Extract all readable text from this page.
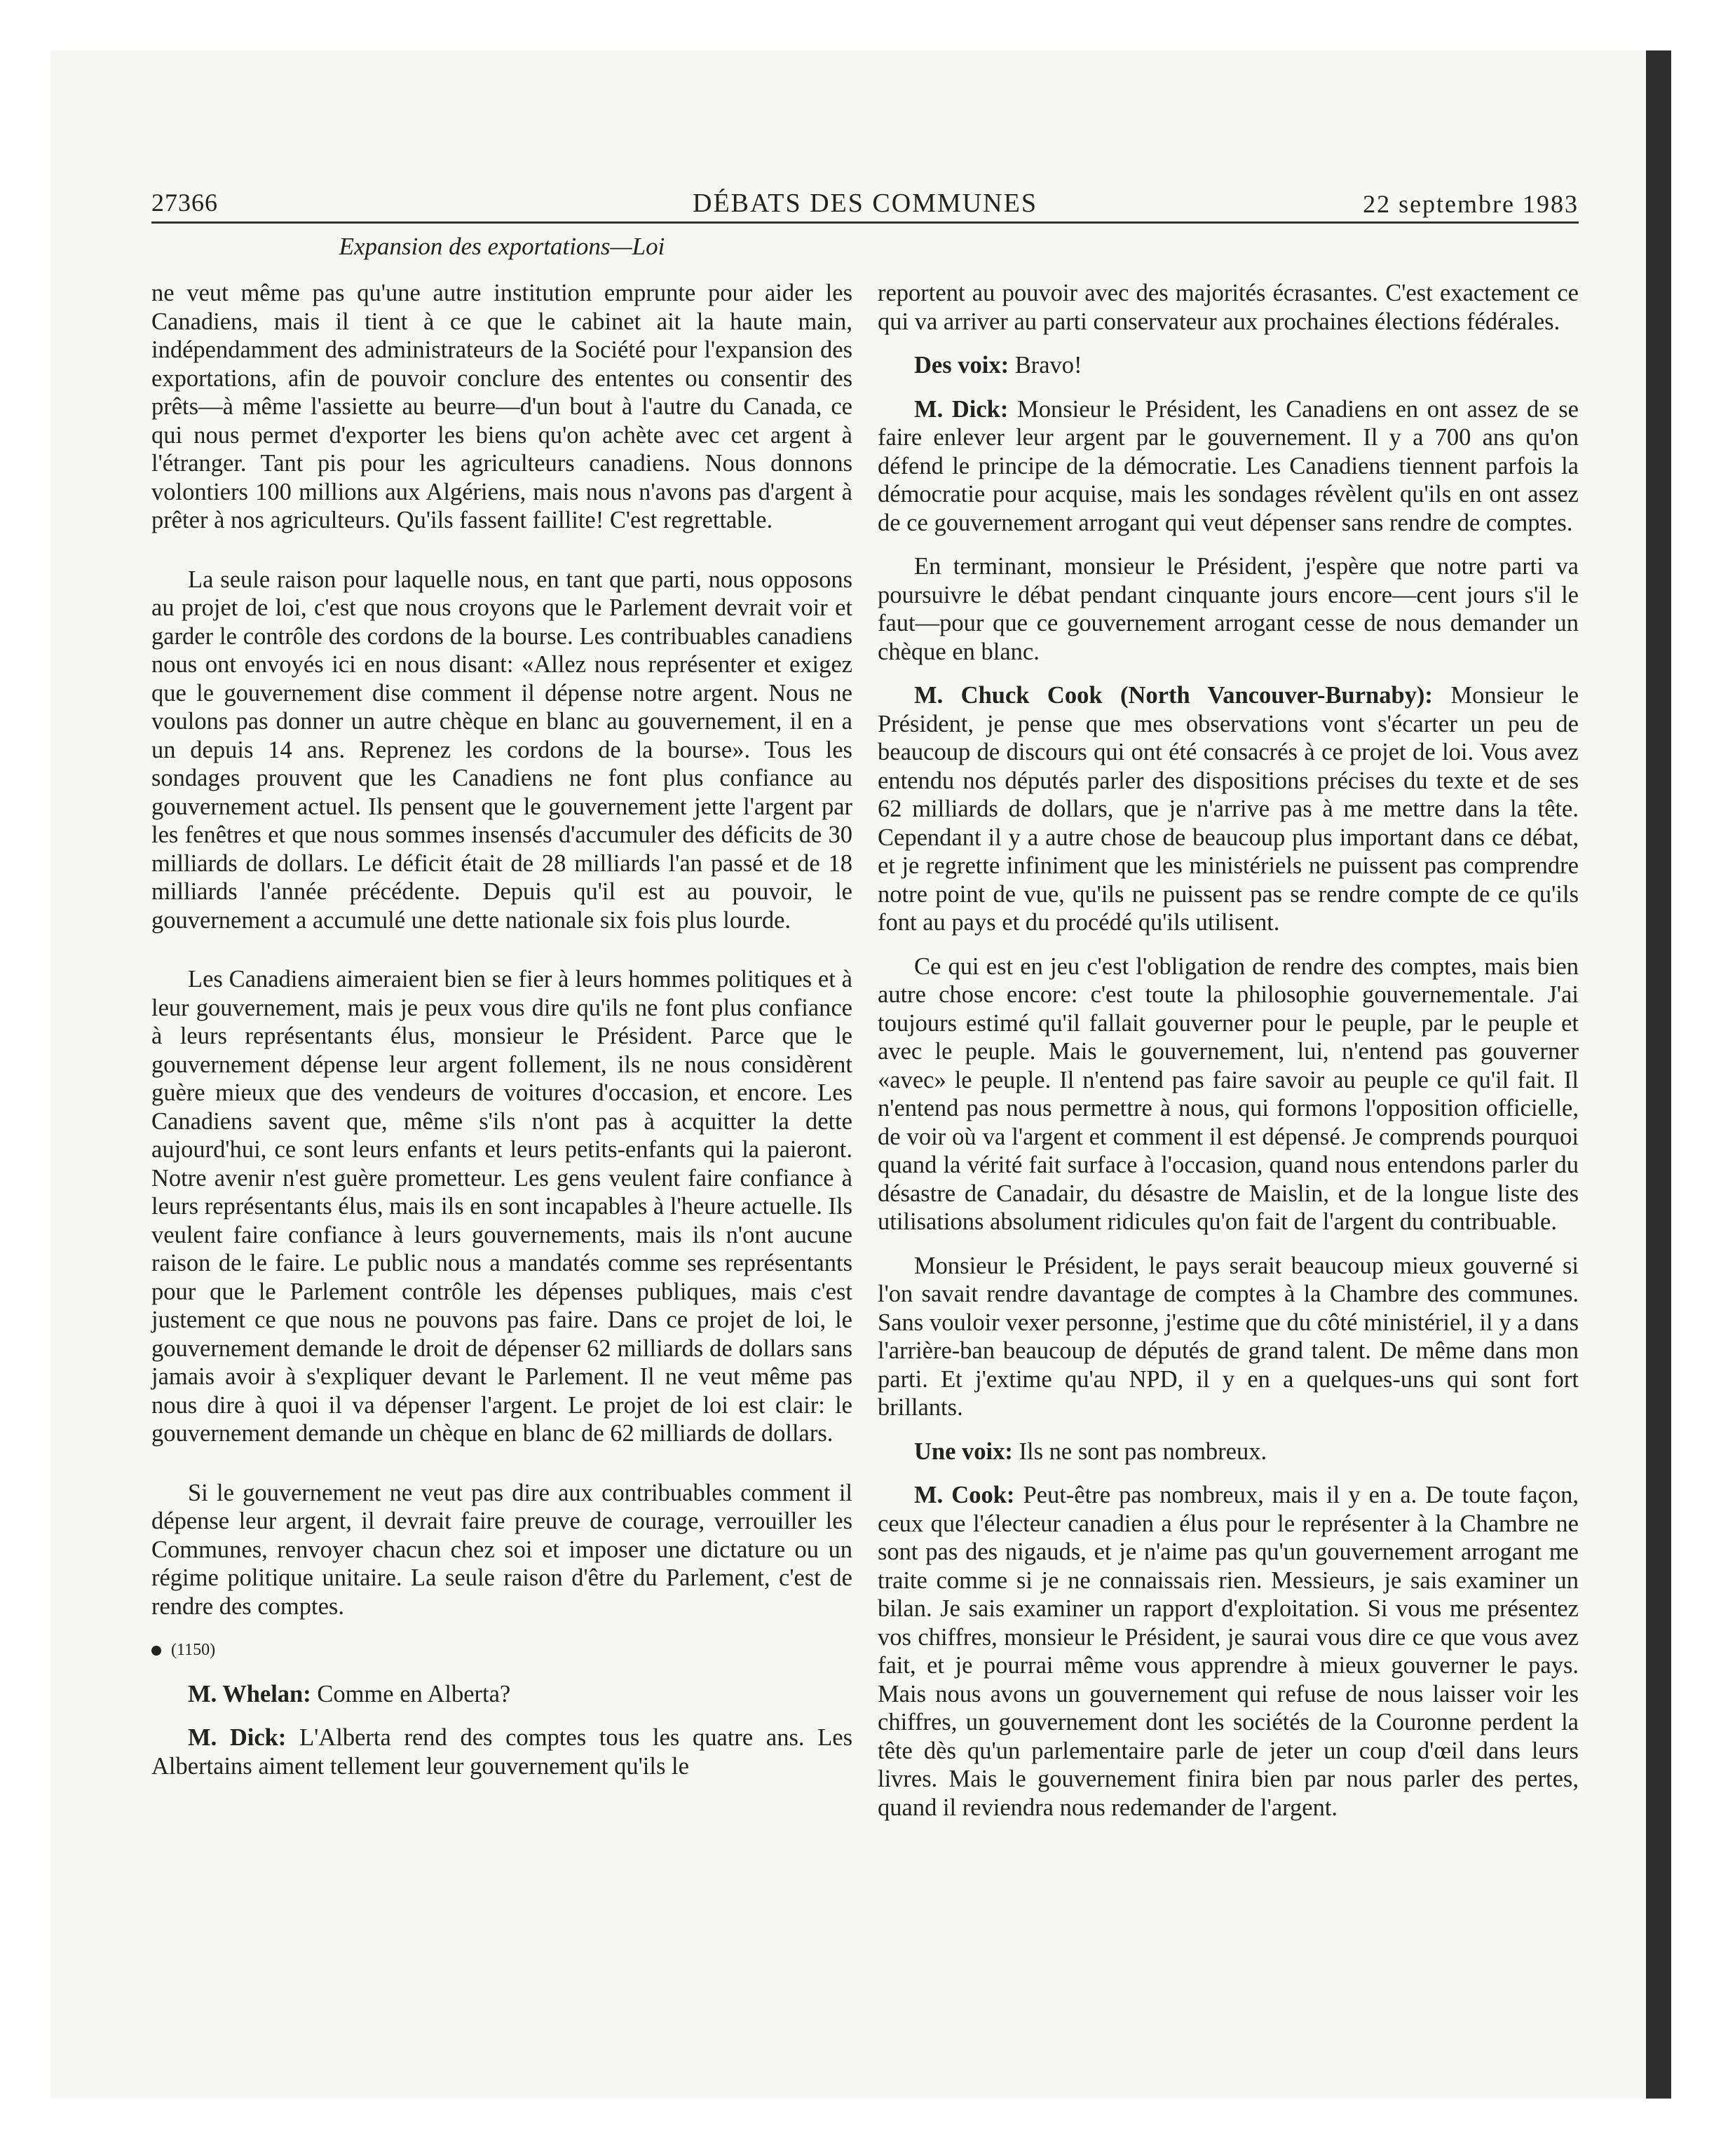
27366	DÉBATS DES COMMUNES	22 septembre 1983
Expansion des exportations—Loi

ne veut même pas qu'une autre institution emprunte pour aider les Canadiens, mais il tient à ce que le cabinet ait la haute main, indépendamment des administrateurs de la Société pour l'expansion des exportations, afin de pouvoir conclure des ententes ou consentir des prêts—à même l'assiette au beurre—d'un bout à l'autre du Canada, ce qui nous permet d'exporter les biens qu'on achète avec cet argent à l'étranger. Tant pis pour les agriculteurs canadiens. Nous donnons volontiers 100 millions aux Algériens, mais nous n'avons pas d'argent à prêter à nos agriculteurs. Qu'ils fassent faillite! C'est regrettable.

La seule raison pour laquelle nous, en tant que parti, nous opposons au projet de loi, c'est que nous croyons que le Parlement devrait voir et garder le contrôle des cordons de la bourse. Les contribuables canadiens nous ont envoyés ici en nous disant: «Allez nous représenter et exigez que le gouvernement dise comment il dépense notre argent. Nous ne voulons pas donner un autre chèque en blanc au gouvernement, il en a un depuis 14 ans. Reprenez les cordons de la bourse». Tous les sondages prouvent que les Canadiens ne font plus confiance au gouvernement actuel. Ils pensent que le gouvernement jette l'argent par les fenêtres et que nous sommes insensés d'accumuler des déficits de 30 milliards de dollars. Le déficit était de 28 milliards l'an passé et de 18 milliards l'année précédente. Depuis qu'il est au pouvoir, le gouvernement a accumulé une dette nationale six fois plus lourde.

Les Canadiens aimeraient bien se fier à leurs hommes politiques et à leur gouvernement, mais je peux vous dire qu'ils ne font plus confiance à leurs représentants élus, monsieur le Président. Parce que le gouvernement dépense leur argent follement, ils ne nous considèrent guère mieux que des vendeurs de voitures d'occasion, et encore. Les Canadiens savent que, même s'ils n'ont pas à acquitter la dette aujourd'hui, ce sont leurs enfants et leurs petits-enfants qui la paieront. Notre avenir n'est guère prometteur. Les gens veulent faire confiance à leurs représentants élus, mais ils en sont incapables à l'heure actuelle. Ils veulent faire confiance à leurs gouvernements, mais ils n'ont aucune raison de le faire. Le public nous a mandatés comme ses représentants pour que le Parlement contrôle les dépenses publiques, mais c'est justement ce que nous ne pouvons pas faire. Dans ce projet de loi, le gouvernement demande le droit de dépenser 62 milliards de dollars sans jamais avoir à s'expliquer devant le Parlement. Il ne veut même pas nous dire à quoi il va dépenser l'argent. Le projet de loi est clair: le gouvernement demande un chèque en blanc de 62 milliards de dollars.

Si le gouvernement ne veut pas dire aux contribuables comment il dépense leur argent, il devrait faire preuve de courage, verrouiller les Communes, renvoyer chacun chez soi et imposer une dictature ou un régime politique unitaire. La seule raison d'être du Parlement, c'est de rendre des comptes.

(1150)

M. Whelan: Comme en Alberta?

M. Dick: L'Alberta rend des comptes tous les quatre ans. Les Albertains aiment tellement leur gouvernement qu'ils le

reportent au pouvoir avec des majorités écrasantes. C'est exactement ce qui va arriver au parti conservateur aux prochaines élections fédérales.

Des voix: Bravo!

M. Dick: Monsieur le Président, les Canadiens en ont assez de se faire enlever leur argent par le gouvernement. Il y a 700 ans qu'on défend le principe de la démocratie. Les Canadiens tiennent parfois la démocratie pour acquise, mais les sondages révèlent qu'ils en ont assez de ce gouvernement arrogant qui veut dépenser sans rendre de comptes.

En terminant, monsieur le Président, j'espère que notre parti va poursuivre le débat pendant cinquante jours encore—cent jours s'il le faut—pour que ce gouvernement arrogant cesse de nous demander un chèque en blanc.

M. Chuck Cook (North Vancouver-Burnaby): Monsieur le Président, je pense que mes observations vont s'écarter un peu de beaucoup de discours qui ont été consacrés à ce projet de loi. Vous avez entendu nos députés parler des dispositions précises du texte et de ses 62 milliards de dollars, que je n'arrive pas à me mettre dans la tête. Cependant il y a autre chose de beaucoup plus important dans ce débat, et je regrette infiniment que les ministériels ne puissent pas comprendre notre point de vue, qu'ils ne puissent pas se rendre compte de ce qu'ils font au pays et du procédé qu'ils utilisent.

Ce qui est en jeu c'est l'obligation de rendre des comptes, mais bien autre chose encore: c'est toute la philosophie gouvernementale. J'ai toujours estimé qu'il fallait gouverner pour le peuple, par le peuple et avec le peuple. Mais le gouvernement, lui, n'entend pas gouverner «avec» le peuple. Il n'entend pas faire savoir au peuple ce qu'il fait. Il n'entend pas nous permettre à nous, qui formons l'opposition officielle, de voir où va l'argent et comment il est dépensé. Je comprends pourquoi quand la vérité fait surface à l'occasion, quand nous entendons parler du désastre de Canadair, du désastre de Maislin, et de la longue liste des utilisations absolument ridicules qu'on fait de l'argent du contribuable.

Monsieur le Président, le pays serait beaucoup mieux gouverné si l'on savait rendre davantage de comptes à la Chambre des communes. Sans vouloir vexer personne, j'estime que du côté ministériel, il y a dans l'arrière-ban beaucoup de députés de grand talent. De même dans mon parti. Et j'extime qu'au NPD, il y en a quelques-uns qui sont fort brillants.

Une voix: Ils ne sont pas nombreux.

M. Cook: Peut-être pas nombreux, mais il y en a. De toute façon, ceux que l'électeur canadien a élus pour le représenter à la Chambre ne sont pas des nigauds, et je n'aime pas qu'un gouvernement arrogant me traite comme si je ne connaissais rien. Messieurs, je sais examiner un bilan. Je sais examiner un rapport d'exploitation. Si vous me présentez vos chiffres, monsieur le Président, je saurai vous dire ce que vous avez fait, et je pourrai même vous apprendre à mieux gouverner le pays. Mais nous avons un gouvernement qui refuse de nous laisser voir les chiffres, un gouvernement dont les sociétés de la Couronne perdent la tête dès qu'un parlementaire parle de jeter un coup d'œil dans leurs livres. Mais le gouvernement finira bien par nous parler des pertes, quand il reviendra nous redemander de l'argent.
